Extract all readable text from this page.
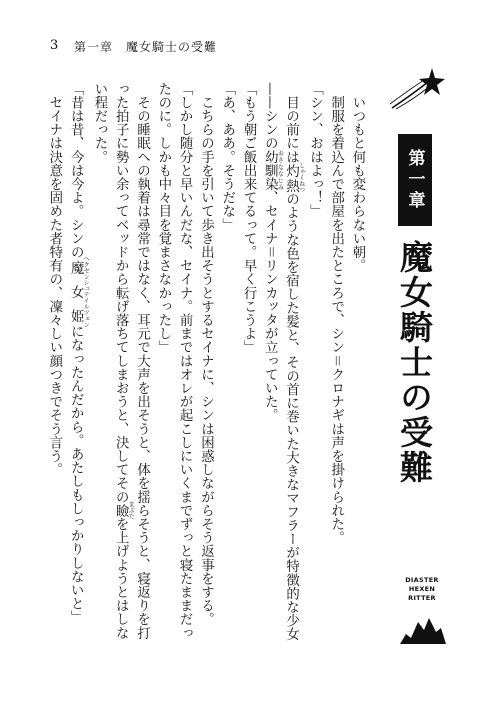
3 第一章　魔女騎士の受難
第一章
魔女騎士の受難
DIASTER
HEXEN
RITTER

　いつもと何も変わらない朝。

　制服を着込んで部屋を出たところで、シン＝クロナギは声を掛けられた。

「シン、おはよっ！」

　目の前には灼熱 しゃくねつのような色を宿した髪と、その首に巻いた大きなマフラーが特徴的な少女——シンの幼馴染 おさななじみ、セイナ＝リンカッタが立っていた。

「もう朝ご飯出来てるって。早く行こうよ」

「あ、ああ。そうだな」

　こちらの手を引いて歩き出そうとするセイナに、シンは困惑しながらそう返事をする。

「しかし随分と早いんだな、セイナ。前まではオレが起こしにいくまでずっと寝たままだったのに。しかも中々目を覚まさなかったし」

　その睡眠への執着は尋常ではなく、耳元で大声を出そうと、体を揺らそうと、寝返りを打った拍子に勢い余ってベッドから転げ落ちてしまおうと、決してその瞼 まぶたを上げようとはしない程だった。

「昔は昔、今は今よ。シンの魔女姫 ヘクセンシュテイルツェンになったんだから。あたしもしっかりしないと」

　セイナは決意を固めた者特有の、凜々しい顔つきでそう言う。
